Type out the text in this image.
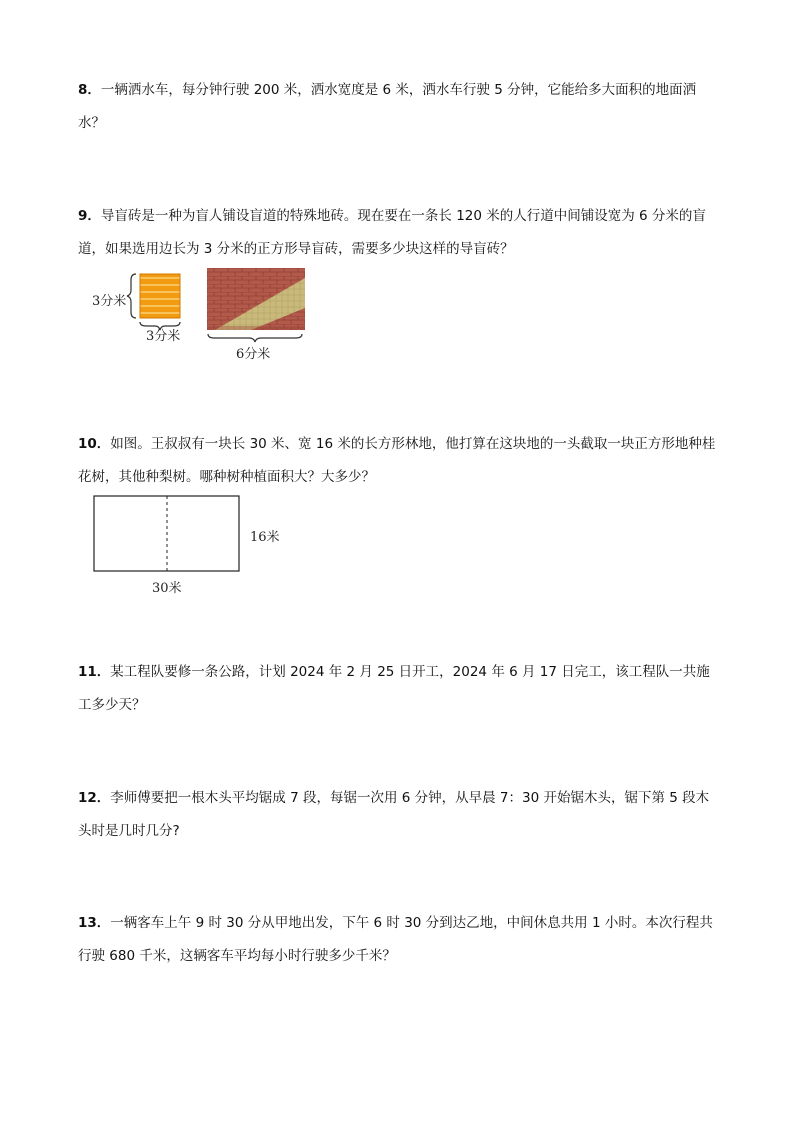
8．一辆洒水车，每分钟行驶 200 米，洒水宽度是 6 米，洒水车行驶 5 分钟，它能给多大面积的地面洒水？

9．导盲砖是一种为盲人铺设盲道的特殊地砖。现在要在一条长 120 米的人行道中间铺设宽为 6 分米的盲道，如果选用边长为 3 分米的正方形导盲砖，需要多少块这样的导盲砖？

3分米
3分米
6分米

10．如图。王叔叔有一块长 30 米、宽 16 米的长方形林地，他打算在这块地的一头截取一块正方形地种桂花树，其他种梨树。哪种树种植面积大？大多少？

16米
30米

11．某工程队要修一条公路，计划 2024 年 2 月 25 日开工，2024 年 6 月 17 日完工，该工程队一共施工多少天？

12．李师傅要把一根木头平均锯成 7 段，每锯一次用 6 分钟，从早晨 7：30 开始锯木头，锯下第 5 段木头时是几时几分?

13．一辆客车上午 9 时 30 分从甲地出发，下午 6 时 30 分到达乙地，中间休息共用 1 小时。本次行程共行驶 680 千米，这辆客车平均每小时行驶多少千米？
